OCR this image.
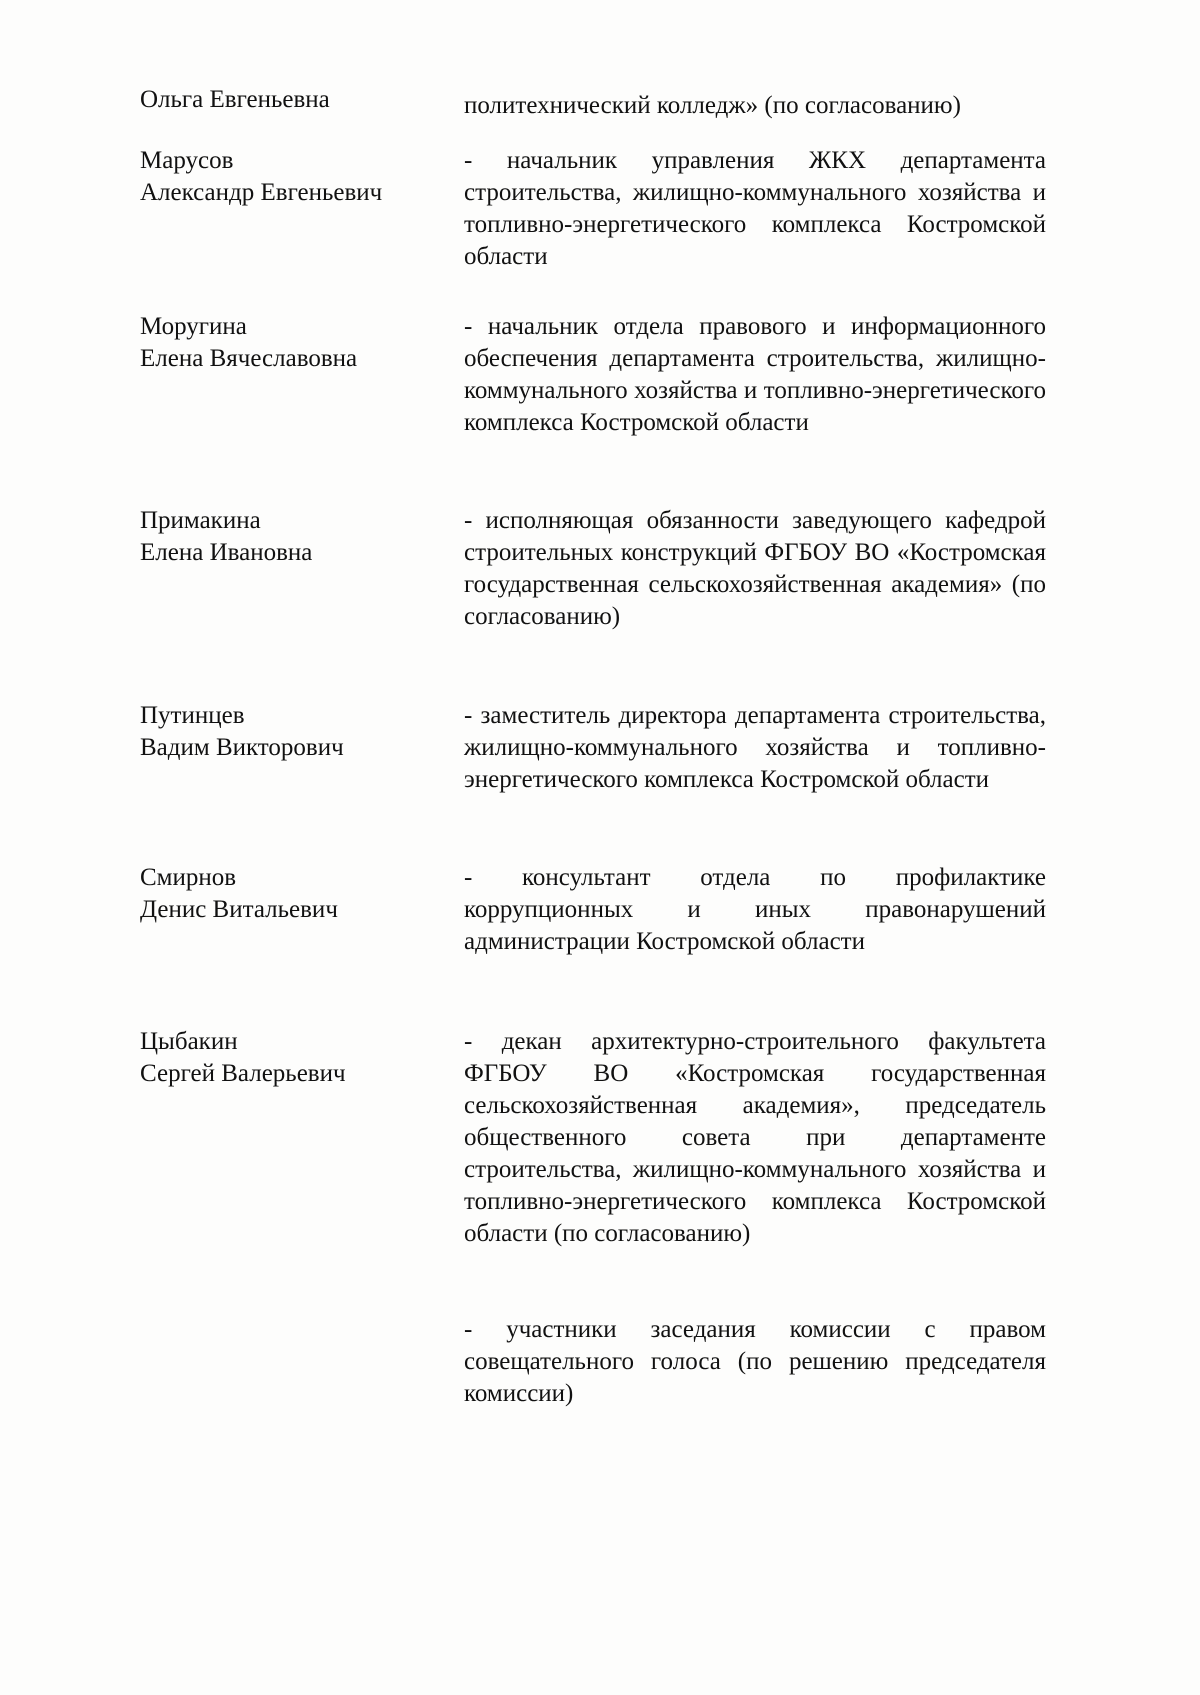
Ольга Евгеньевна	политехнический колледж» (по согласованию)
Марусов
Александр Евгеньевич
- начальник управления ЖКХ департамента строительства, жилищно-коммунального хозяйства и топливно-энергетического комплекса Костромской области
Моругина
Елена Вячеславовна
- начальник отдела правового и информационного обеспечения департамента строительства, жилищно-коммунального хозяйства и топливно-энергетического комплекса Костромской области
Примакина
Елена Ивановна
- исполняющая обязанности заведующего кафедрой строительных конструкций ФГБОУ ВО «Костромская государственная сельскохозяйственная академия» (по согласованию)
Путинцев
Вадим Викторович
- заместитель директора департамента строительства, жилищно-коммунального хозяйства и топливно-энергетического комплекса Костромской области
Смирнов
Денис Витальевич
- консультант отдела по профилактике коррупционных и иных правонарушений администрации Костромской области
Цыбакин
Сергей Валерьевич
- декан архитектурно-строительного факультета ФГБОУ ВО «Костромская государственная сельскохозяйственная академия», председатель общественного совета при департаменте строительства, жилищно-коммунального хозяйства и топливно-энергетического комплекса Костромской области (по согласованию)
- участники заседания комиссии с правом совещательного голоса (по решению председателя комиссии)
